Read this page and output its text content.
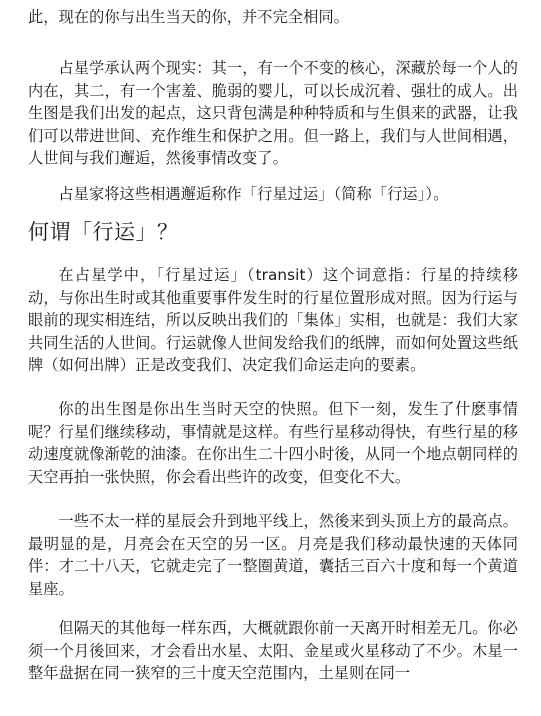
此，现在的你与出生当天的你，并不完全相同。

占星学承认两个现实：其一，有一个不变的核心，深藏於每一个人的内在，其二，有一个害羞、脆弱的婴儿，可以长成沉着、强壮的成人。出生图是我们出发的起点，这只背包满是种种特质和与生俱来的武器，让我们可以带进世间、充作维生和保护之用。但一路上，我们与人世间相遇，人世间与我们邂逅，然後事情改变了。

占星家将这些相遇邂逅称作「行星过运」（简称「行运」）。

何谓「行运」？

在占星学中，「行星过运」（transit）这个词意指：行星的持续移动，与你出生时或其他重要事件发生时的行星位置形成对照。因为行运与眼前的现实相连结，所以反映出我们的「集体」实相，也就是：我们大家共同生活的人世间。行运就像人世间发给我们的纸牌，而如何处置这些纸牌（如何出牌）正是改变我们、决定我们命运走向的要素。

你的出生图是你出生当时天空的快照。但下一刻，发生了什麽事情呢？行星们继续移动，事情就是这样。有些行星移动得快，有些行星的移动速度就像渐乾的油漆。在你出生二十四小时後，从同一个地点朝同样的天空再拍一张快照，你会看出些许的改变，但变化不大。

一些不太一样的星辰会升到地平线上，然後来到头顶上方的最高点。最明显的是，月亮会在天空的另一区。月亮是我们移动最快速的天体同伴：才二十八天，它就走完了一整圈黄道，囊括三百六十度和每一个黄道星座。

但隔天的其他每一样东西，大概就跟你前一天离开时相差无几。你必须一个月後回来，才会看出水星、太阳、金星或火星移动了不少。木星一整年盘据在同一狭窄的三十度天空范围内，土星则在同一
